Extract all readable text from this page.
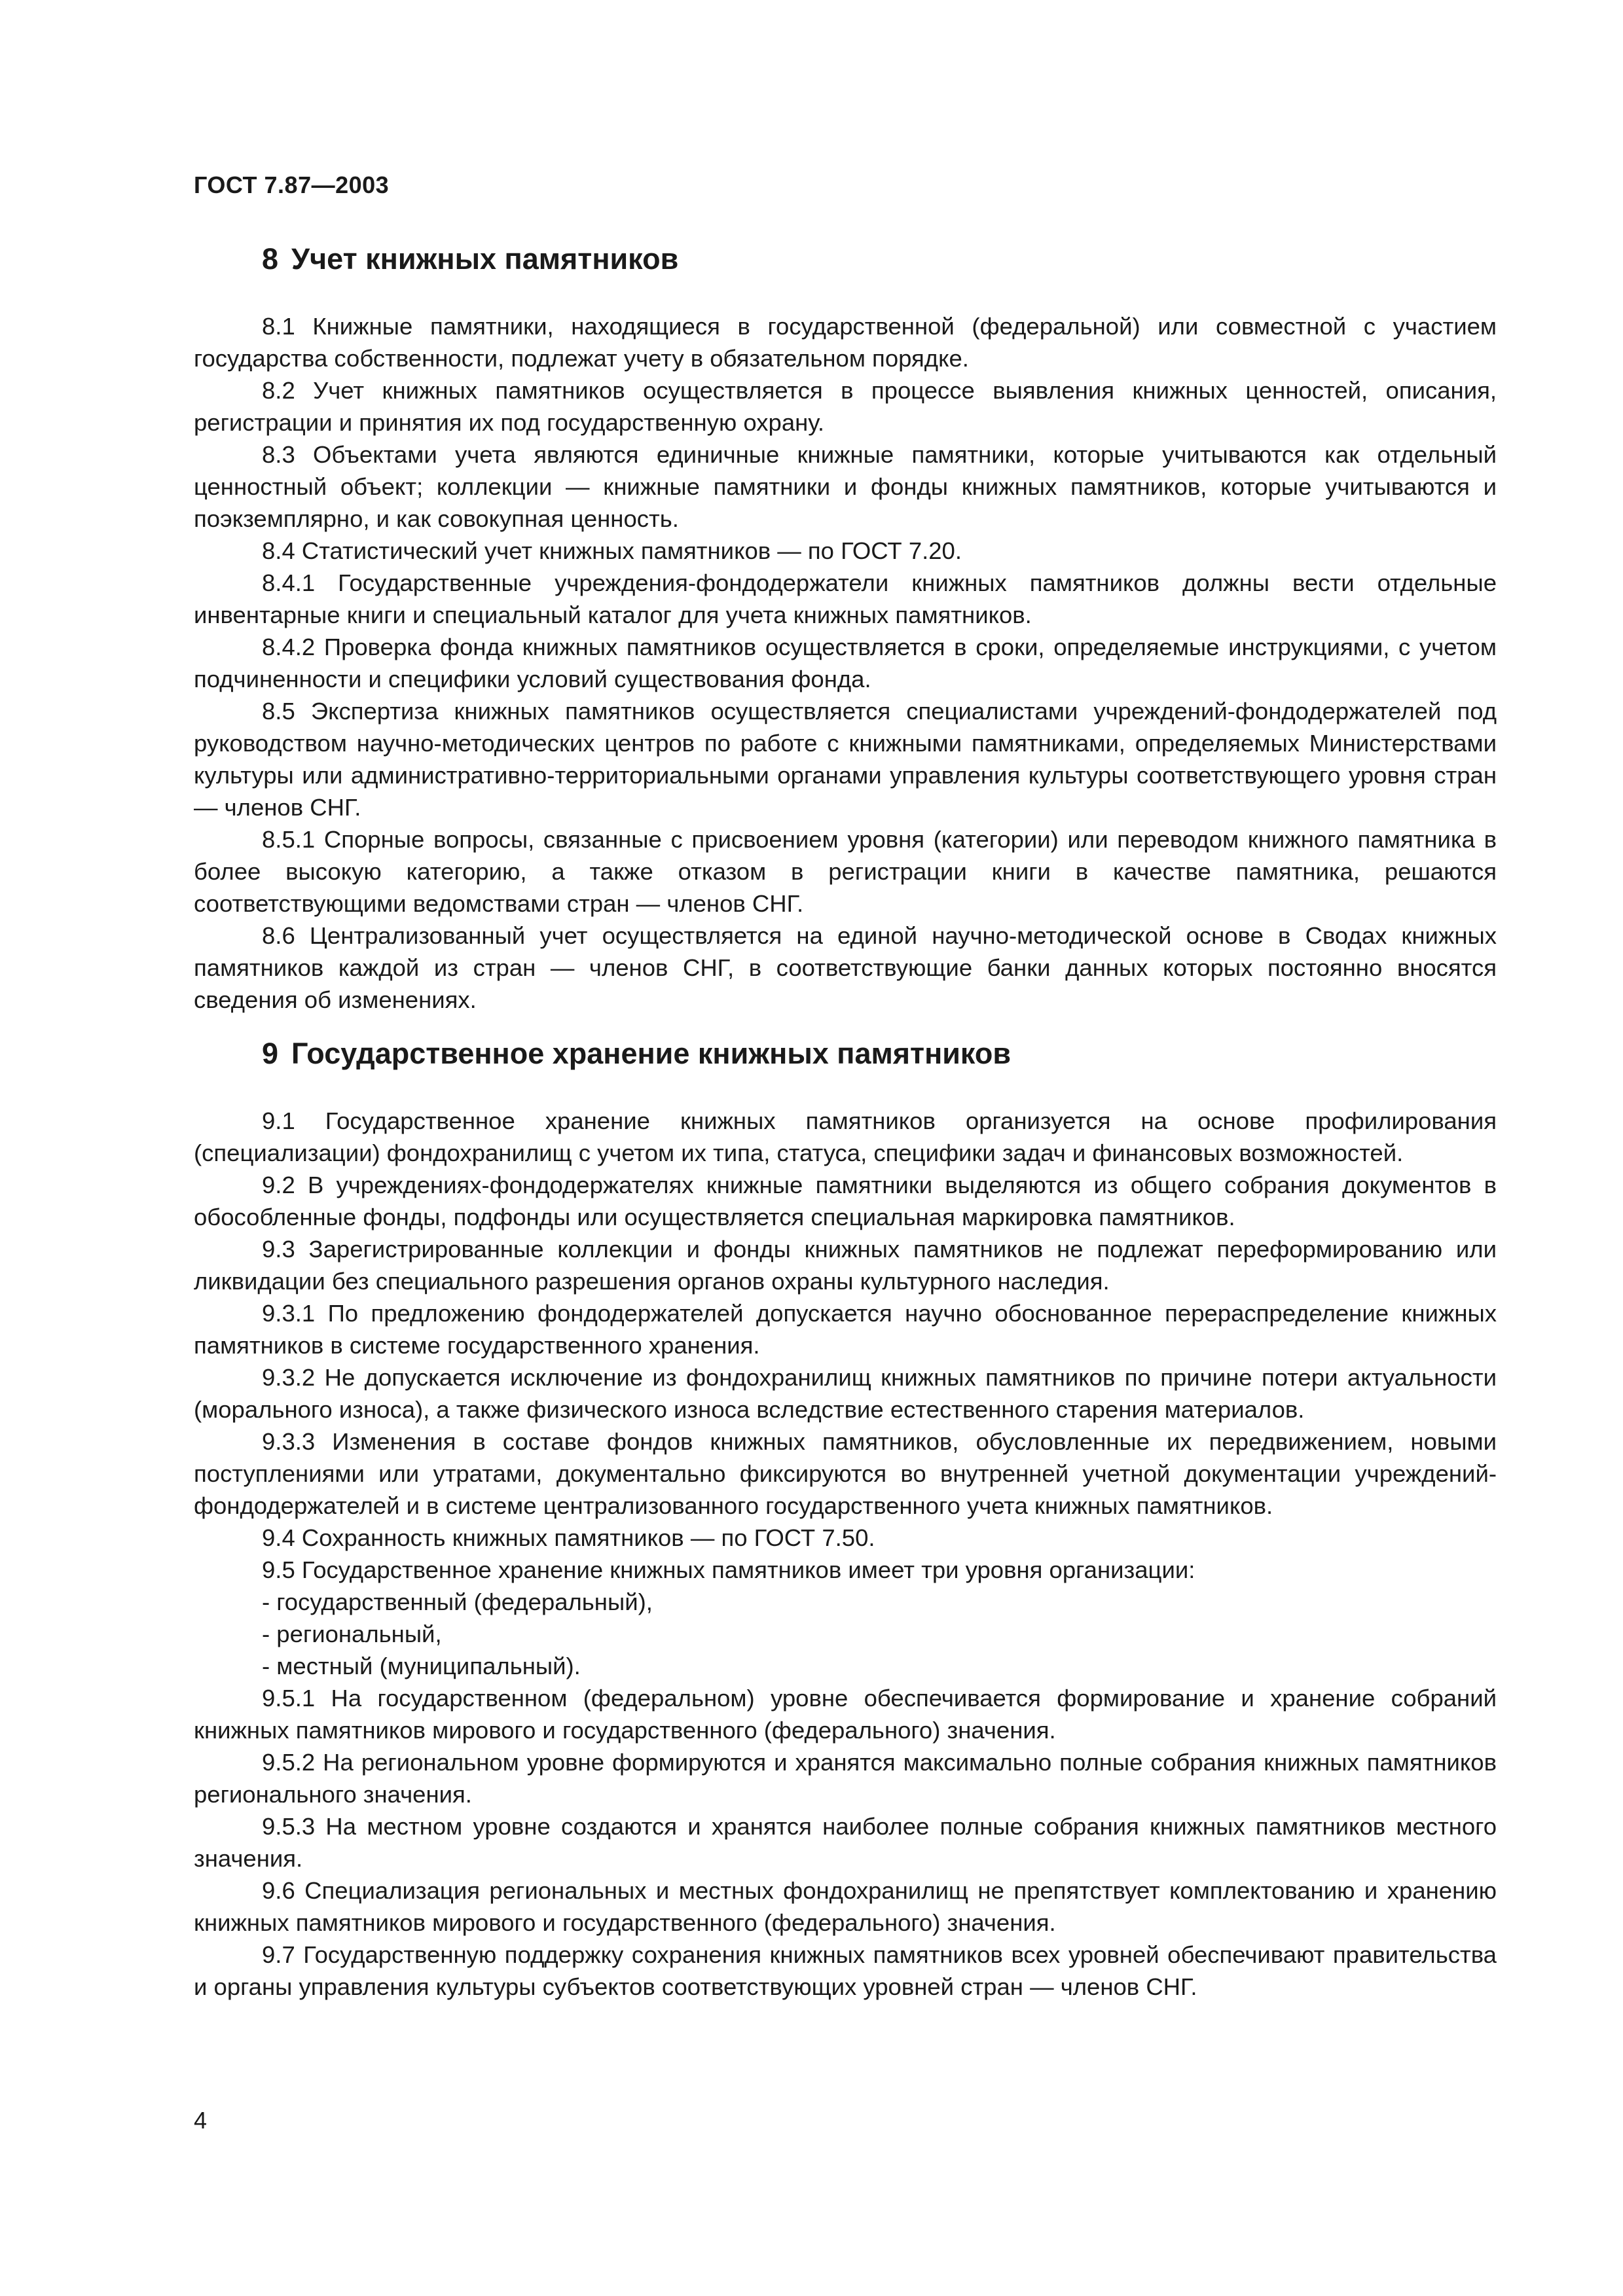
ГОСТ 7.87—2003
8 Учет книжных памятников

8.1 Книжные памятники, находящиеся в государственной (федеральной) или совместной с участием государства собственности, подлежат учету в обязательном порядке.

8.2 Учет книжных памятников осуществляется в процессе выявления книжных ценностей, описания, регистрации и принятия их под государственную охрану.

8.3 Объектами учета являются единичные книжные памятники, которые учитываются как отдельный ценностный объект; коллекции — книжные памятники и фонды книжных памятников, которые учитываются и поэкземплярно, и как совокупная ценность.

8.4 Статистический учет книжных памятников — по ГОСТ 7.20.

8.4.1 Государственные учреждения-фондодержатели книжных памятников должны вести отдельные инвентарные книги и специальный каталог для учета книжных памятников.

8.4.2 Проверка фонда книжных памятников осуществляется в сроки, определяемые инструкциями, с учетом подчиненности и специфики условий существования фонда.

8.5 Экспертиза книжных памятников осуществляется специалистами учреждений-фондодержателей под руководством научно-методических центров по работе с книжными памятниками, определяемых Министерствами культуры или административно-территориальными органами управления культуры соответствующего уровня стран — членов СНГ.

8.5.1 Спорные вопросы, связанные с присвоением уровня (категории) или переводом книжного памятника в более высокую категорию, а также отказом в регистрации книги в качестве памятника, решаются соответствующими ведомствами стран — членов СНГ.

8.6 Централизованный учет осуществляется на единой научно-методической основе в Сводах книжных памятников каждой из стран — членов СНГ, в соответствующие банки данных которых постоянно вносятся сведения об изменениях.

9 Государственное хранение книжных памятников

9.1 Государственное хранение книжных памятников организуется на основе профилирования (специализации) фондохранилищ с учетом их типа, статуса, специфики задач и финансовых возможностей.

9.2 В учреждениях-фондодержателях книжные памятники выделяются из общего собрания документов в обособленные фонды, подфонды или осуществляется специальная маркировка памятников.

9.3 Зарегистрированные коллекции и фонды книжных памятников не подлежат переформированию или ликвидации без специального разрешения органов охраны культурного наследия.

9.3.1 По предложению фондодержателей допускается научно обоснованное перераспределение книжных памятников в системе государственного хранения.

9.3.2 Не допускается исключение из фондохранилищ книжных памятников по причине потери актуальности (морального износа), а также физического износа вследствие естественного старения материалов.

9.3.3 Изменения в составе фондов книжных памятников, обусловленные их передвижением, новыми поступлениями или утратами, документально фиксируются во внутренней учетной документации учреждений-фондодержателей и в системе централизованного государственного учета книжных памятников.

9.4 Сохранность книжных памятников — по ГОСТ 7.50.

9.5 Государственное хранение книжных памятников имеет три уровня организации:

- государственный (федеральный),

- региональный,

- местный (муниципальный).

9.5.1 На государственном (федеральном) уровне обеспечивается формирование и хранение собраний книжных памятников мирового и государственного (федерального) значения.

9.5.2 На региональном уровне формируются и хранятся максимально полные собрания книжных памятников регионального значения.

9.5.3 На местном уровне создаются и хранятся наиболее полные собрания книжных памятников местного значения.

9.6 Специализация региональных и местных фондохранилищ не препятствует комплектованию и хранению книжных памятников мирового и государственного (федерального) значения.

9.7 Государственную поддержку сохранения книжных памятников всех уровней обеспечивают правительства и органы управления культуры субъектов соответствующих уровней стран — членов СНГ.

4
